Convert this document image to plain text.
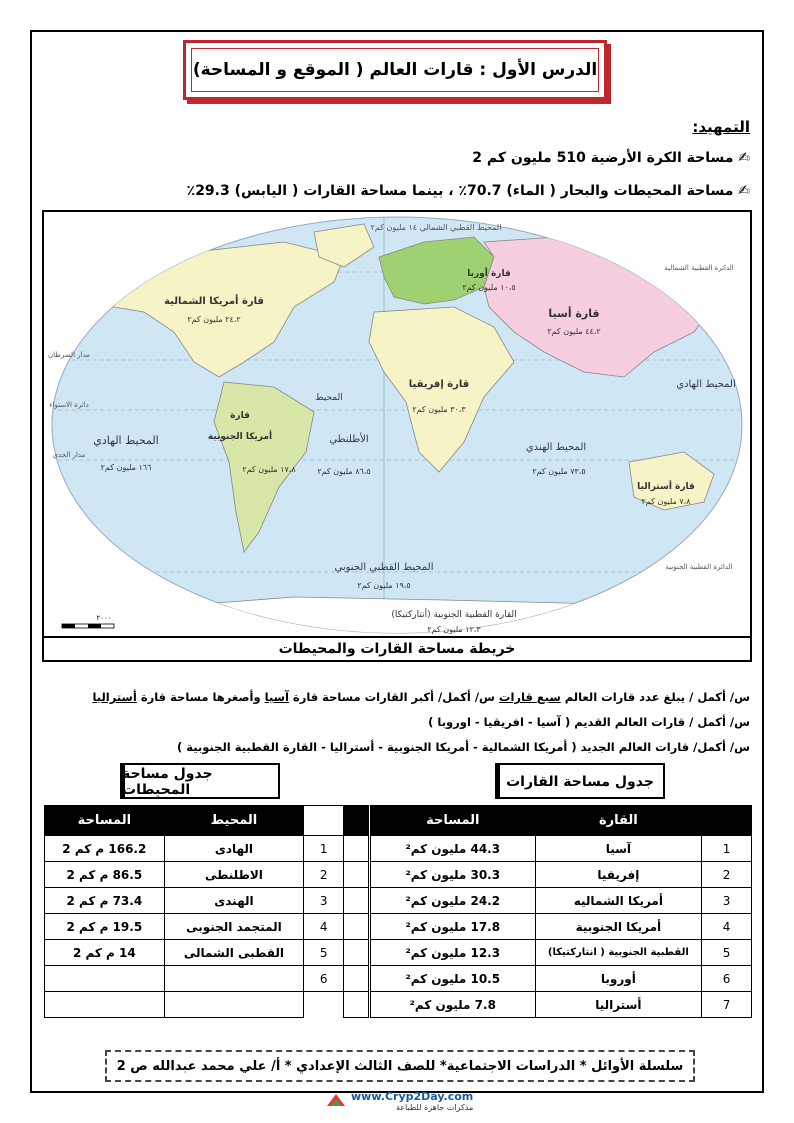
الدرس الأول : قارات العالم ( الموقع و المساحة)
التمهيد:
✍ مساحة الكرة الأرضية 510 مليون كم 2
✍ مساحة المحيطات والبحار ( الماء) 70.7٪ ، بينما مساحة القارات ( اليابس) 29.3٪
المحيط القطبي الشمالي ١٤ مليون كم٢
قارة أوربا
١٠،٥ مليون كم٢
قارة أسيا
٤٤،٢ مليون كم٢
قارة أمريكا الشمالية
٢٤،٢ مليون كم٢
قارة إفريقيا
٣٠،٣ مليون كم٢
قارة
أمريكا الجنوبية
١٧،٨ مليون كم٢
المحيط الهادي
١٦٦ مليون كم٢
المحيط الهادي
المحيط
الأطلنطي
٨٦،٥ مليون كم٢
المحيط الهندي
٧٣،٥ مليون كم٢
قارة أستراليا
٧،٨ مليون كم٢
المحيط القطبي الجنوبي
١٩،٥ مليون كم٢
القارة القطبية الجنوبية (أنتاركتيكا)
١٢،٣ مليون كم٢
الدائرة القطبية الشمالية
مدار السرطان
دائرة الاستواء
مدار الجدي
الدائرة القطبية الجنوبية
٢٠٠٠
خريطة مساحة القارات والمحيطات
س/ أكمل / يبلغ عدد قارات العالم سبع قارات س/ أكمل/ أكبر القارات مساحة قارة آسيا وأصغرها مساحة قارة أستراليا
س/ أكمل / قارات العالم القديم ( آسيا - افريقيا - اوروبا )
س/ أكمل/ قارات العالم الجديد ( أمريكا الشمالية - أمريكا الجنوبية - أستراليا - القارة القطبية الجنوبية )
جدول مساحة المحيطات	جدول مساحة القارات
المساحة	المحيط		
166.2 م كم 2	الهادى	1	
86.5 م كم 2	الاطلنطى	2	
73.4 م كم 2	الهندى	3	
19.5 م كم 2	المتجمد الجنوبى	4	
14 م كم 2	القطبى الشمالى	5	
		6	

المساحة	القارة	
44.3 مليون كم²	آسيا	1
30.3 مليون كم²	إفريقيا	2
24.2 مليون كم²	أمريكا الشماليه	3
17.8 مليون كم²	أمريكا الجنوبية	4
12.3 مليون كم²	القطبية الجنوبية ( انتاركتيكا)	5
10.5 مليون كم²	أوروبا	6
7.8 مليون كم²	أستراليا	7
سلسلة الأوائل * الدراسات الاجتماعية* للصف الثالث الإعدادي * أ/ علي محمد عبدالله ص 2
www.Cryp2Day.com
مذكرات جاهزة للطباعة
